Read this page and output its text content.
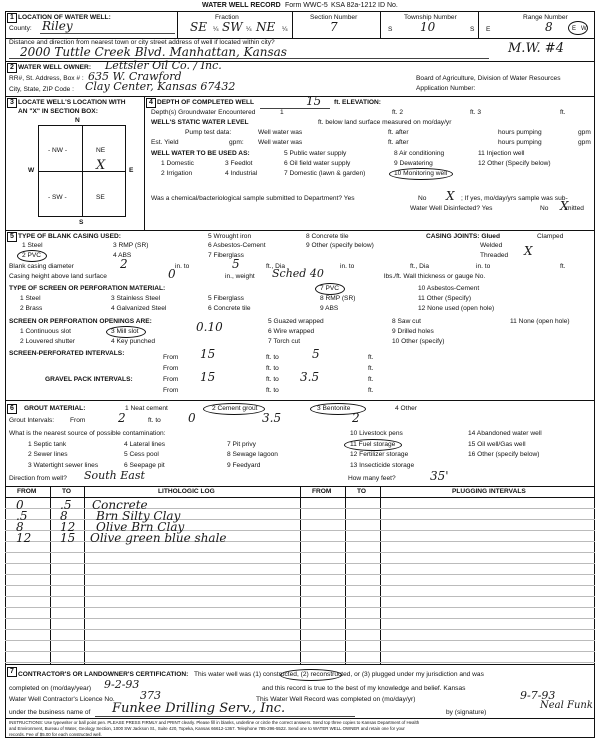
WATER WELL RECORD Form WWC-5 KSA 82a-1212 ID No.
1 LOCATION OF WATER WELL:
County: Riley
Fraction
SE ¼ SW ¼ NE ¼
Section Number
7
Township Number
S 10	S
Range Number
E	8	E W
Distance and direction from nearest town or city street address of well if located within city?
2000 Tuttle Creek Blvd. Manhattan, Kansas	M.W. #4
2 WATER WELL OWNER: Lettsler Oil Co. / Inc.
RR#, St. Address, Box # : 635 W. Crawford
City, State, ZIP Code : Clay Center, Kansas 67432
Board of Agriculture, Division of Water Resources
Application Number:
3 LOCATE WELL'S LOCATION WITH
AN "X" IN SECTION BOX:
N
- NW -	NE
- SW -	SE
W	E
S
X
4 DEPTH OF COMPLETED WELL	15 ft. ELEVATION:
Depth(s) Groundwater Encountered	1	ft. 2	ft. 3	ft.
WELL'S STATIC WATER LEVEL	ft. below land surface measured on mo/day/yr
Pump test data:	Well water was	ft. after	hours pumping	gpm
Est. Yield	gpm: Well water was	ft. after	hours pumping	gpm
WELL WATER TO BE USED AS:
1 Domestic
2 Irrigation
3 Feedlot
4 Industrial
5 Public water supply
6 Oil field water supply
7 Domestic (lawn & garden)
8 Air conditioning
9 Dewatering
10 Monitoring well
11 Injection well
12 Other (Specify below)
Was a chemical/bacteriological sample submitted to Department? Yes	No X ; If yes, mo/day/yrs sample was sub-
mitted
Water Well Disinfected? Yes	No X
5 TYPE OF BLANK CASING USED:
1 Steel
2 PVC
3 RMP (SR)
4 ABS
5 Wrought iron
6 Asbestos-Cement
7 Fiberglass
8 Concrete tile
9 Other (specify below)
CASING JOINTS: Glued	Clamped
Welded
Threaded X
Blank casing diameter	2	in. to	5	ft., Dia	in. to	ft., Dia	in. to	ft.
Casing height above land surface	0	in., weight Sched 40	lbs./ft. Wall thickness or gauge No.
TYPE OF SCREEN OR PERFORATION MATERIAL:
1 Steel
2 Brass
3 Stainless Steel
4 Galvanized Steel
5 Fiberglass
6 Concrete tile
7 PVC
8 RMP (SR)
9 ABS
10 Asbestos-Cement
11 Other (Specify)
12 None used (open hole)
SCREEN OR PERFORATION OPENINGS ARE:
1 Continuous slot
2 Louvered shutter
3 Mill slot	0.10
4 Key punched
5 Guazed wrapped
6 Wire wrapped
7 Torch cut
8 Saw cut
9 Drilled holes
10 Other (specify)
11 None (open hole)
SCREEN-PERFORATED INTERVALS:
From 15	ft. to	5	ft.
From	ft. to	ft.
GRAVEL PACK INTERVALS:	From 15	ft. to 3.5	ft.
From	ft. to	ft.
6	GROUT MATERIAL:	1 Neat cement	2 Cement grout	3 Bentonite	4 Other
Grout Intervals: From	2	ft. to 0	3.5	2
What is the nearest source of possible contamination:
1 Septic tank
2 Sewer lines
3 Watertight sewer lines
4 Lateral lines
5 Cess pool
6 Seepage pit
7 Pit privy
8 Sewage lagoon
9 Feedyard
10 Livestock pens
11 Fuel storage
12 Fertilizer storage
13 Insecticide storage
14 Abandoned water well
15 Oil well/Gas well
16 Other (specify below)
Direction from well? South East	How many feet?	35'
FROM	TO	LITHOLOGIC LOG	FROM	TO	PLUGGING INTERVALS
0	.5 Concrete
.5	8 Brn Silty Clay
8	12 Olive Brn Clay
12 15 Olive green blue shale
7 CONTRACTOR'S OR LANDOWNER'S CERTIFICATION: This water well was (1) constructed, (2) reconstructed, or (3) plugged under my jurisdiction and was
completed on (mo/day/year) 9-2-93	and this record is true to the best of my knowledge and belief. Kansas
Water Well Contractor's Licence No. 373	This Water Well Record was completed on (mo/day/yr)	9-7-93
under the business name of Funkee Drilling Serv., Inc.	by (signature)
Neal Funk
INSTRUCTIONS: Use typewriter or ball point pen. PLEASE PRESS FIRMLY and PRINT clearly. Please fill in blanks, underline or circle the correct answers. Send top three copies to Kansas Department of Health
and Environment, Bureau of Water, Geology Section, 1000 SW Jackson St., Suite 420, Topeka, Kansas 66612-1367. Telephone 785-296-5522. Send one to WATER WELL OWNER and retain one for your
records. Fee of $5.00 for each constructed well.
